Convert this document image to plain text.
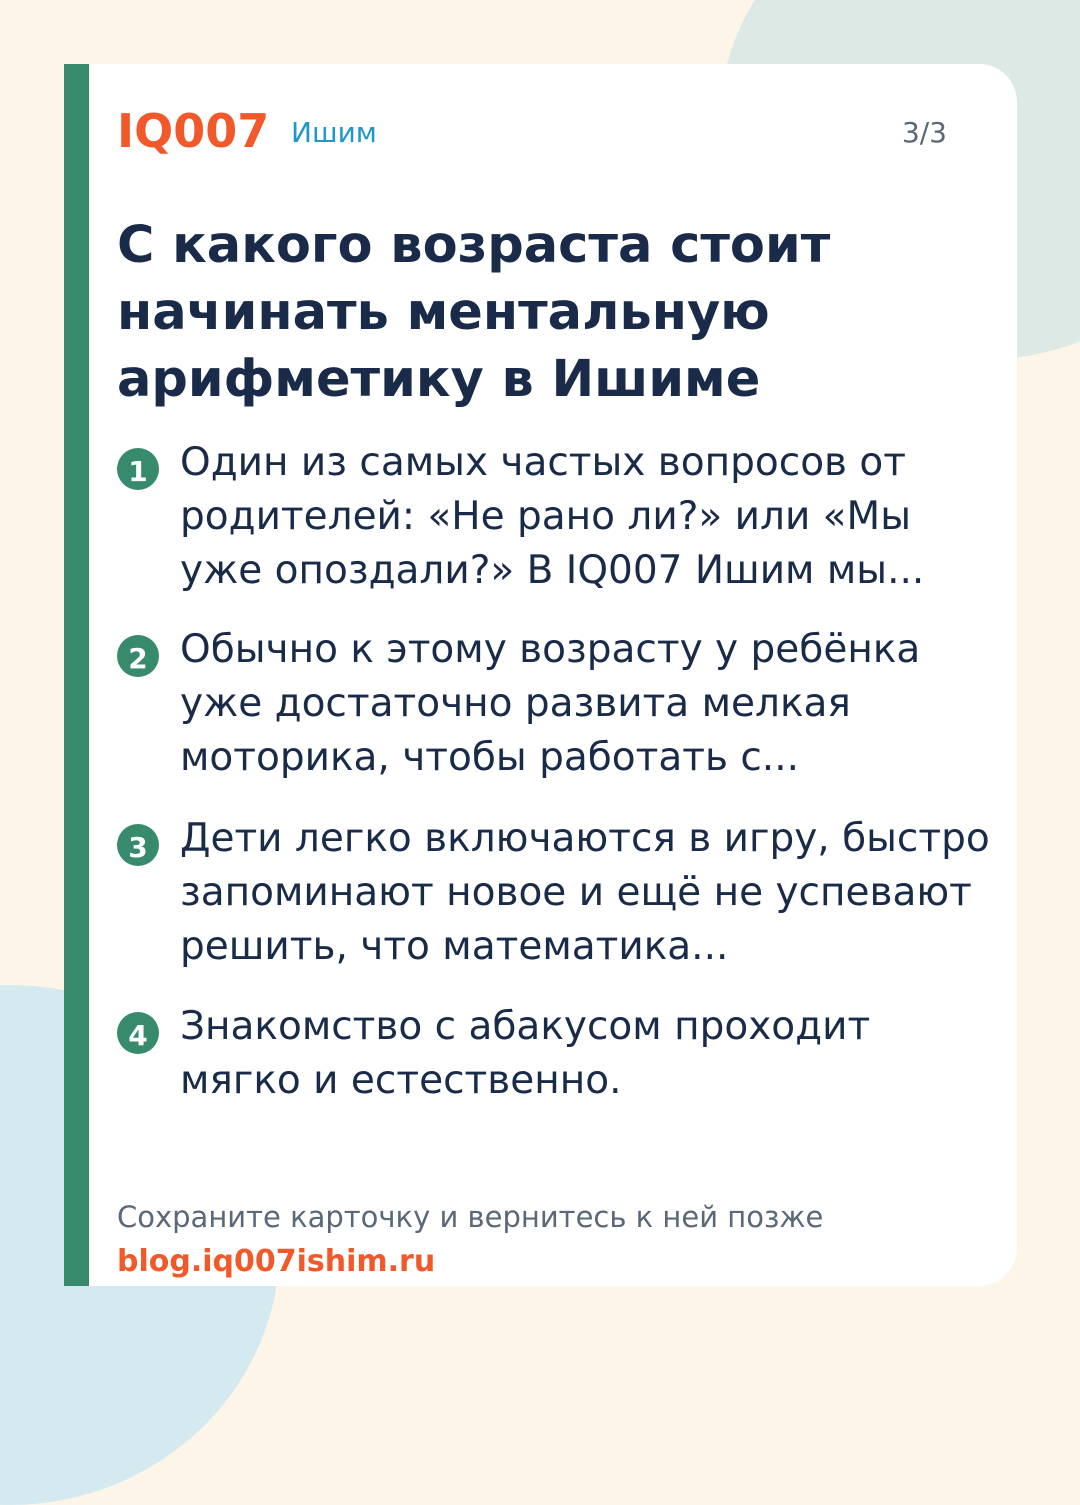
IQ007 Ишим	3/3
С какого возраста стоит начинать ментальную арифметику в Ишиме
1 Один из самых частых вопросов от родителей: «Не рано ли?» или «Мы уже опоздали?» В IQ007 Ишим мы...
2 Обычно к этому возрасту у ребёнка уже достаточно развита мелкая моторика, чтобы работать с...
3 Дети легко включаются в игру, быстро запоминают новое и ещё не успевают решить, что математика...
4 Знакомство с абакусом проходит мягко и естественно.
Сохраните карточку и вернитесь к ней позже
blog.iq007ishim.ru
